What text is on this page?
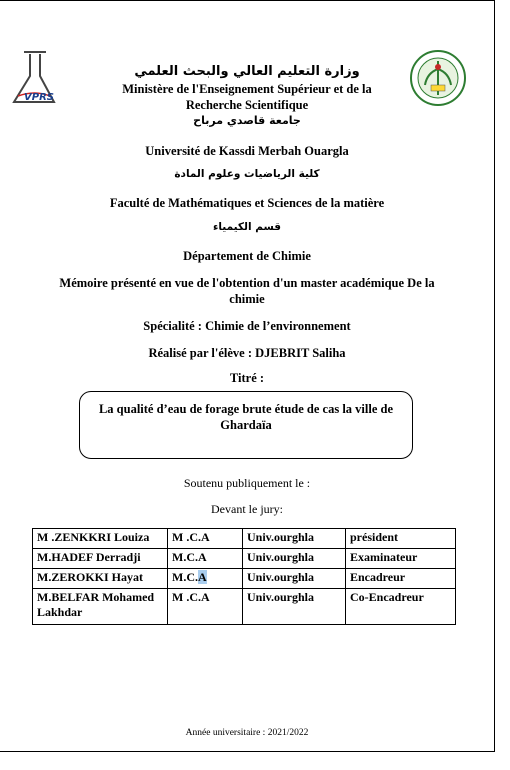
VPRS
وزارة التعليم العالي والبحث العلمي
Ministère de l'Enseignement Supérieur et de la
Recherche Scientifique
جامعة قاصدي مرباح
Université de Kassdi Merbah Ouargla
كلية الرياضيات وعلوم المادة
Faculté de Mathématiques et Sciences de la matière
قسم الكيمياء
Département de Chimie
Mémoire présenté en vue de l'obtention d'un master académique De la
chimie
Spécialité : Chimie de l’environnement
Réalisé par l'élève : DJEBRIT Saliha
Titré :
La qualité d’eau de forage brute étude de cas la ville de
Ghardaïa
Soutenu publiquement le :
Devant le jury:
M .ZENKKRI Louiza	M .C.A	Univ.ourghla	président
M.HADEF Derradji	M.C.A	Univ.ourghla	Examinateur
M.ZEROKKI Hayat	M.C.A	Univ.ourghla	Encadreur
M.BELFAR Mohamed Lakhdar	M .C.A	Univ.ourghla	Co-Encadreur
Année universitaire : 2021/2022
